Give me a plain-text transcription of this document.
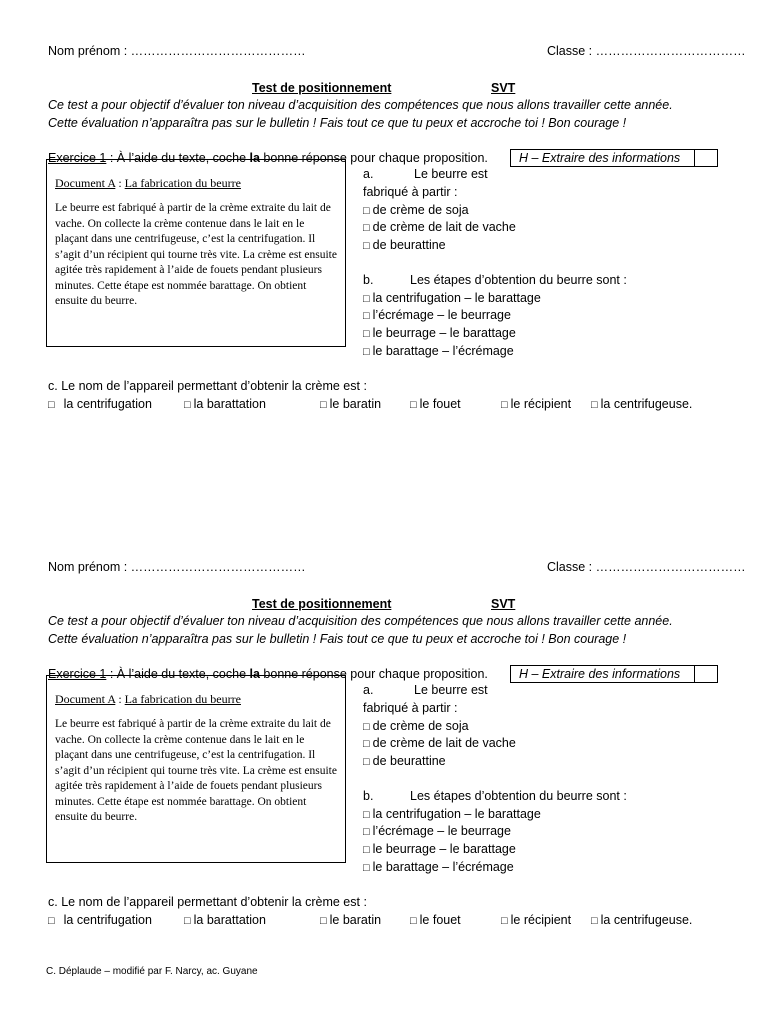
Nom prénom : ……………………………………	Classe : ………………………………
Test de positionnement	SVT
Ce test a pour objectif d’évaluer ton niveau d’acquisition des compétences que nous allons travailler cette année.
Cette évaluation n’apparaîtra pas sur le bulletin ! Fais tout ce que tu peux et accroche toi ! Bon courage !
Exercice 1 : À l’aide du texte, coche la bonne réponse pour chaque proposition. H – Extraire des informations
Document A : La fabrication du beurre
Le beurre est fabriqué à partir de la crème extraite du lait de vache. On collecte la crème contenue dans le lait en le plaçant dans une centrifugeuse, c’est la centrifugation. Il s’agit d’un récipient qui tourne très vite. La crème est ensuite agitée très rapidement à l’aide de fouets pendant plusieurs minutes. Cette étape est nommée barattage. On obtient ensuite du beurre.
a.	Le beurre est
fabriqué à partir :
□ de crème de soja
□ de crème de lait de vache
□ de beurattine
b.	Les étapes d’obtention du beurre sont :
□ la centrifugation – le barattage
□ l’écrémage – le beurrage
□ le beurrage – le barattage
□ le barattage – l’écrémage
c. Le nom de l’appareil permettant d’obtenir la crème est :
□ la centrifugation	□ la barattation	□ le baratin	□ le fouet	□ le récipient □ la centrifugeuse.
Nom prénom : ……………………………………	Classe : ………………………………
Test de positionnement	SVT
Ce test a pour objectif d’évaluer ton niveau d’acquisition des compétences que nous allons travailler cette année.
Cette évaluation n’apparaîtra pas sur le bulletin ! Fais tout ce que tu peux et accroche toi ! Bon courage !
Exercice 1 : À l’aide du texte, coche la bonne réponse pour chaque proposition. H – Extraire des informations
Document A : La fabrication du beurre
Le beurre est fabriqué à partir de la crème extraite du lait de vache. On collecte la crème contenue dans le lait en le plaçant dans une centrifugeuse, c’est la centrifugation. Il s’agit d’un récipient qui tourne très vite. La crème est ensuite agitée très rapidement à l’aide de fouets pendant plusieurs minutes. Cette étape est nommée barattage. On obtient ensuite du beurre.
a.	Le beurre est
fabriqué à partir :
□ de crème de soja
□ de crème de lait de vache
□ de beurattine
b.	Les étapes d’obtention du beurre sont :
□ la centrifugation – le barattage
□ l’écrémage – le beurrage
□ le beurrage – le barattage
□ le barattage – l’écrémage
c. Le nom de l’appareil permettant d’obtenir la crème est :
□ la centrifugation	□ la barattation	□ le baratin	□ le fouet	□ le récipient □ la centrifugeuse.
C. Déplaude – modifié par F. Narcy, ac. Guyane
